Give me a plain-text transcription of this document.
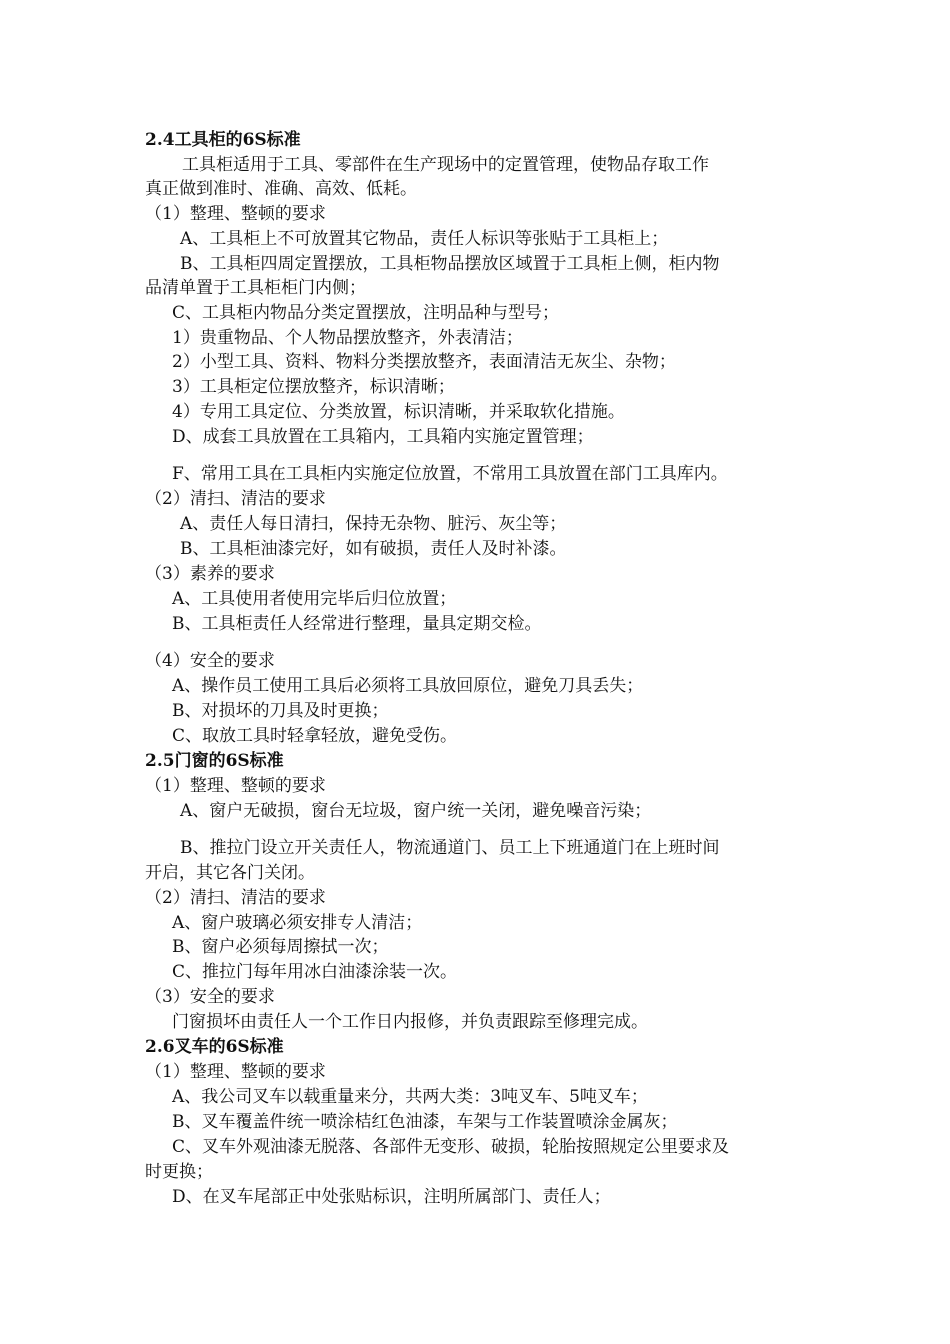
2.4工具柜的6S标准
工具柜适用于工具、零部件在生产现场中的定置管理，使物品存取工作
真正做到准时、准确、高效、低耗。
（1）整理、整顿的要求
A、工具柜上不可放置其它物品，责任人标识等张贴于工具柜上；
B、工具柜四周定置摆放，工具柜物品摆放区域置于工具柜上侧，柜内物
品清单置于工具柜柜门内侧；
C、工具柜内物品分类定置摆放，注明品种与型号；
1）贵重物品、个人物品摆放整齐，外表清洁；
2）小型工具、资料、物料分类摆放整齐，表面清洁无灰尘、杂物；
3）工具柜定位摆放整齐，标识清晰；
4）专用工具定位、分类放置，标识清晰，并采取软化措施。
D、成套工具放置在工具箱内，工具箱内实施定置管理；
F、常用工具在工具柜内实施定位放置，不常用工具放置在部门工具库内。
（2）清扫、清洁的要求
A、责任人每日清扫，保持无杂物、脏污、灰尘等；
B、工具柜油漆完好，如有破损，责任人及时补漆。
（3）素养的要求
A、工具使用者使用完毕后归位放置；
B、工具柜责任人经常进行整理，量具定期交检。
（4）安全的要求
A、操作员工使用工具后必须将工具放回原位，避免刀具丢失；
B、对损坏的刀具及时更换；
C、取放工具时轻拿轻放，避免受伤。
2.5门窗的6S标准
（1）整理、整顿的要求
A、窗户无破损，窗台无垃圾，窗户统一关闭，避免噪音污染；
B、推拉门设立开关责任人，物流通道门、员工上下班通道门在上班时间
开启，其它各门关闭。
（2）清扫、清洁的要求
A、窗户玻璃必须安排专人清洁；
B、窗户必须每周擦拭一次；
C、推拉门每年用冰白油漆涂装一次。
（3）安全的要求
门窗损坏由责任人一个工作日内报修，并负责跟踪至修理完成。
2.6叉车的6S标准
（1）整理、整顿的要求
A、我公司叉车以载重量来分，共两大类：3吨叉车、5吨叉车；
B、叉车覆盖件统一喷涂桔红色油漆，车架与工作装置喷涂金属灰；
C、叉车外观油漆无脱落、各部件无变形、破损，轮胎按照规定公里要求及
时更换；
D、在叉车尾部正中处张贴标识，注明所属部门、责任人；
